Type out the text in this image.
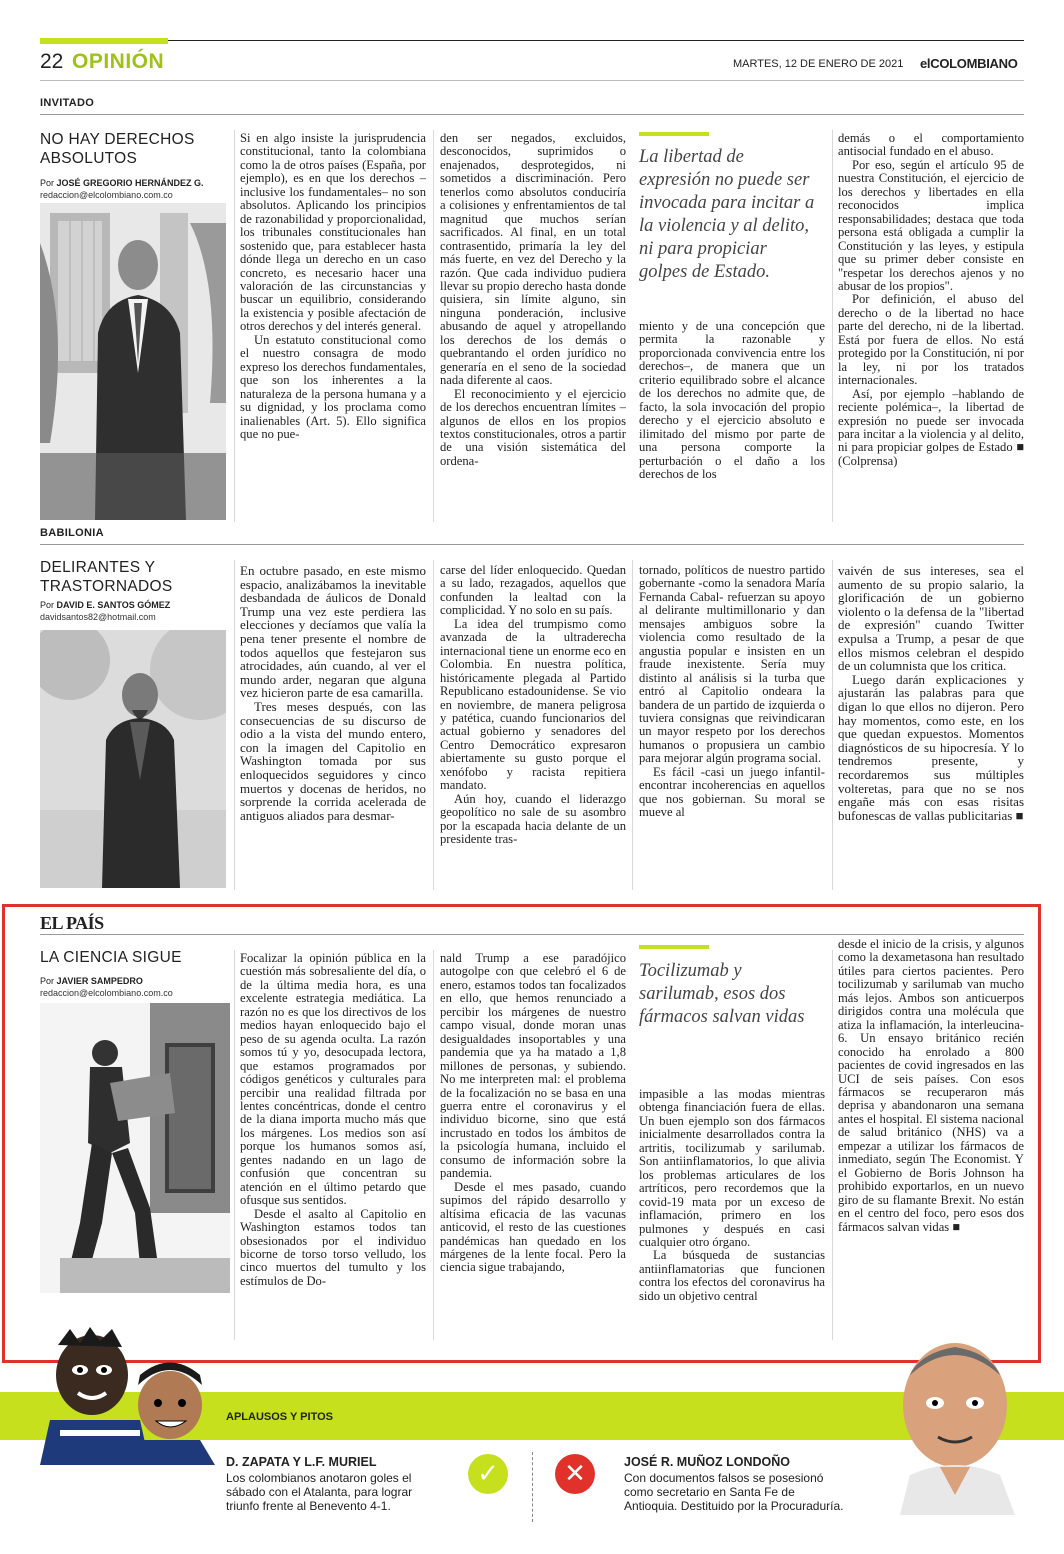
22 OPINIÓN	MARTES, 12 DE ENERO DE 2021 elCOLOMBIANO
INVITADO
NO HAY DERECHOS ABSOLUTOS
Por JOSÉ GREGORIO HERNÁNDEZ G.
redaccion@elcolombiano.com.co

Si en algo insiste la jurisprudencia constitucional, tanto la colombiana como la de otros países (España, por ejemplo), es en que los derechos –inclusive los fundamentales– no son absolutos. Aplicando los principios de razonabilidad y proporcionalidad, los tribunales constitucionales han sostenido que, para establecer hasta dónde llega un derecho en un caso concreto, es necesario hacer una valoración de las circunstancias y buscar un equilibrio, considerando la existencia y posible afectación de otros derechos y del interés general.

Un estatuto constitucional como el nuestro consagra de modo expreso los derechos fundamentales, que son los inherentes a la naturaleza de la persona humana y a su dignidad, y los proclama como inalienables (Art. 5). Ello significa que no pue-

den ser negados, excluidos, desconocidos, suprimidos o enajenados, desprotegidos, ni sometidos a discriminación. Pero tenerlos como absolutos conduciría a colisiones y enfrentamientos de tal magnitud que muchos serían sacrificados. Al final, en un total contrasentido, primaría la ley del más fuerte, en vez del Derecho y la razón. Que cada individuo pudiera llevar su propio derecho hasta donde quisiera, sin límite alguno, sin ninguna ponderación, inclusive abusando de aquel y atropellando los derechos de los demás o quebrantando el orden jurídico no generaría en el seno de la sociedad nada diferente al caos.

El reconocimiento y el ejercicio de los derechos encuentran límites –algunos de ellos en los propios textos constitucionales, otros a partir de una visión sistemática del ordena-

La libertad de expresión no puede ser invocada para incitar a la violencia y al delito, ni para propiciar golpes de Estado.

miento y de una concepción que permita la razonable y proporcionada convivencia entre los derechos–, de manera que un criterio equilibrado sobre el alcance de los derechos no admite que, de facto, la sola invocación del propio derecho y el ejercicio absoluto e ilimitado del mismo por parte de una persona comporte la perturbación o el daño a los derechos de los

demás o el comportamiento antisocial fundado en el abuso.

Por eso, según el artículo 95 de nuestra Constitución, el ejercicio de los derechos y libertades en ella reconocidos implica responsabilidades; destaca que toda persona está obligada a cumplir la Constitución y las leyes, y estipula que su primer deber consiste en "respetar los derechos ajenos y no abusar de los propios".

Por definición, el abuso del derecho o de la libertad no hace parte del derecho, ni de la libertad. Está por fuera de ellos. No está protegido por la Constitución, ni por la ley, ni por los tratados internacionales.

Así, por ejemplo –hablando de reciente polémica–, la libertad de expresión no puede ser invocada para incitar a la violencia y al delito, ni para propiciar golpes de Estado ■ (Colprensa)

BABILONIA
DELIRANTES Y TRASTORNADOS
Por DAVID E. SANTOS GÓMEZ
davidsantos82@hotmail.com

En octubre pasado, en este mismo espacio, analizábamos la inevitable desbandada de áulicos de Donald Trump una vez este perdiera las elecciones y decíamos que valía la pena tener presente el nombre de todos aquellos que festejaron sus atrocidades, aún cuando, al ver el mundo arder, negaran que alguna vez hicieron parte de esa camarilla.

Tres meses después, con las consecuencias de su discurso de odio a la vista del mundo entero, con la imagen del Capitolio en Washington tomada por sus enloquecidos seguidores y cinco muertos y docenas de heridos, no sorprende la corrida acelerada de antiguos aliados para desmar-

carse del líder enloquecido. Quedan a su lado, rezagados, aquellos que confunden la lealtad con la complicidad. Y no solo en su país.

La idea del trumpismo como avanzada de la ultraderecha internacional tiene un enorme eco en Colombia. En nuestra política, históricamente plegada al Partido Republicano estadounidense. Se vio en noviembre, de manera peligrosa y patética, cuando funcionarios del actual gobierno y senadores del Centro Democrático expresaron abiertamente su gusto porque el xenófobo y racista repitiera mandato.

Aún hoy, cuando el liderazgo geopolítico no sale de su asombro por la escapada hacia delante de un presidente tras-

tornado, políticos de nuestro partido gobernante -como la senadora María Fernanda Cabal- refuerzan su apoyo al delirante multimillonario y dan mensajes ambiguos sobre la violencia como resultado de la angustia popular e insisten en un fraude inexistente. Sería muy distinto al análisis si la turba que entró al Capitolio ondeara la bandera de un partido de izquierda o tuviera consignas que reivindicaran un mayor respeto por los derechos humanos o propusiera un cambio para mejorar algún programa social.

Es fácil -casi un juego infantil- encontrar incoherencias en aquellos que nos gobiernan. Su moral se mueve al

vaivén de sus intereses, sea el aumento de su propio salario, la glorificación de un gobierno violento o la defensa de la "libertad de expresión" cuando Twitter expulsa a Trump, a pesar de que ellos mismos celebran el despido de un columnista que los critica.

Luego darán explicaciones y ajustarán las palabras para que digan lo que ellos no dijeron. Pero hay momentos, como este, en los que quedan expuestos. Momentos diagnósticos de su hipocresía. Y lo tendremos presente, y recordaremos sus múltiples volteretas, para que no se nos engañe más con esas risitas bufonescas de vallas publicitarias ■

EL PAÍS
LA CIENCIA SIGUE
Por JAVIER SAMPEDRO
redaccion@elcolombiano.com.co

Focalizar la opinión pública en la cuestión más sobresaliente del día, o de la última media hora, es una excelente estrategia mediática. La razón no es que los directivos de los medios hayan enloquecido bajo el peso de su agenda oculta. La razón somos tú y yo, desocupada lectora, que estamos programados por códigos genéticos y culturales para percibir una realidad filtrada por lentes concéntricas, donde el centro de la diana importa mucho más que los márgenes. Los medios son así porque los humanos somos así, gentes nadando en un lago de confusión que concentran su atención en el último petardo que ofusque sus sentidos.

Desde el asalto al Capitolio en Washington estamos todos tan obsesionados por el individuo bicorne de torso torso velludo, los cinco muertos del tumulto y los estímulos de Do-

nald Trump a ese paradójico autogolpe con que celebró el 6 de enero, estamos todos tan focalizados en ello, que hemos renunciado a percibir los márgenes de nuestro campo visual, donde moran unas desigualdades insoportables y una pandemia que ya ha matado a 1,8 millones de personas, y subiendo. No me interpreten mal: el problema de la focalización no se basa en una guerra entre el coronavirus y el individuo bicorne, sino que está incrustado en todos los ámbitos de la psicología humana, incluido el consumo de información sobre la pandemia.

Desde el mes pasado, cuando supimos del rápido desarrollo y altísima eficacia de las vacunas anticovid, el resto de las cuestiones pandémicas han quedado en los márgenes de la lente focal. Pero la ciencia sigue trabajando,

Tocilizumab y sarilumab, esos dos fármacos salvan vidas

impasible a las modas mientras obtenga financiación fuera de ellas. Un buen ejemplo son dos fármacos inicialmente desarrollados contra la artritis, tocilizumab y sarilumab. Son antiinflamatorios, lo que alivia los problemas articulares de los artríticos, pero recordemos que la covid-19 mata por un exceso de inflamación, primero en los pulmones y después en casi cualquier otro órgano.

La búsqueda de sustancias antiinflamatorias que funcionen contra los efectos del coronavirus ha sido un objetivo central

desde el inicio de la crisis, y algunos como la dexametasona han resultado útiles para ciertos pacientes. Pero tocilizumab y sarilumab van mucho más lejos. Ambos son anticuerpos dirigidos contra una molécula que atiza la inflamación, la interleucina-6. Un ensayo británico recién conocido ha enrolado a 800 pacientes de covid ingresados en las UCI de seis países. Con esos fármacos se recuperaron más deprisa y abandonaron una semana antes el hospital. El sistema nacional de salud británico (NHS) va a empezar a utilizar los fármacos de inmediato, según The Economist. Y el Gobierno de Boris Johnson ha prohibido exportarlos, en un nuevo giro de su flamante Brexit. No están en el centro del foco, pero esos dos fármacos salvan vidas ■

APLAUSOS Y PITOS
D. ZAPATA Y L.F. MURIEL
Los colombianos anotaron goles el sábado con el Atalanta, para lograr triunfo frente al Benevento 4-1.
✓	✕	JOSÉ R. MUÑOZ LONDOÑO
Con documentos falsos se posesionó como secretario en Santa Fe de Antioquia. Destituido por la Procuraduría.
